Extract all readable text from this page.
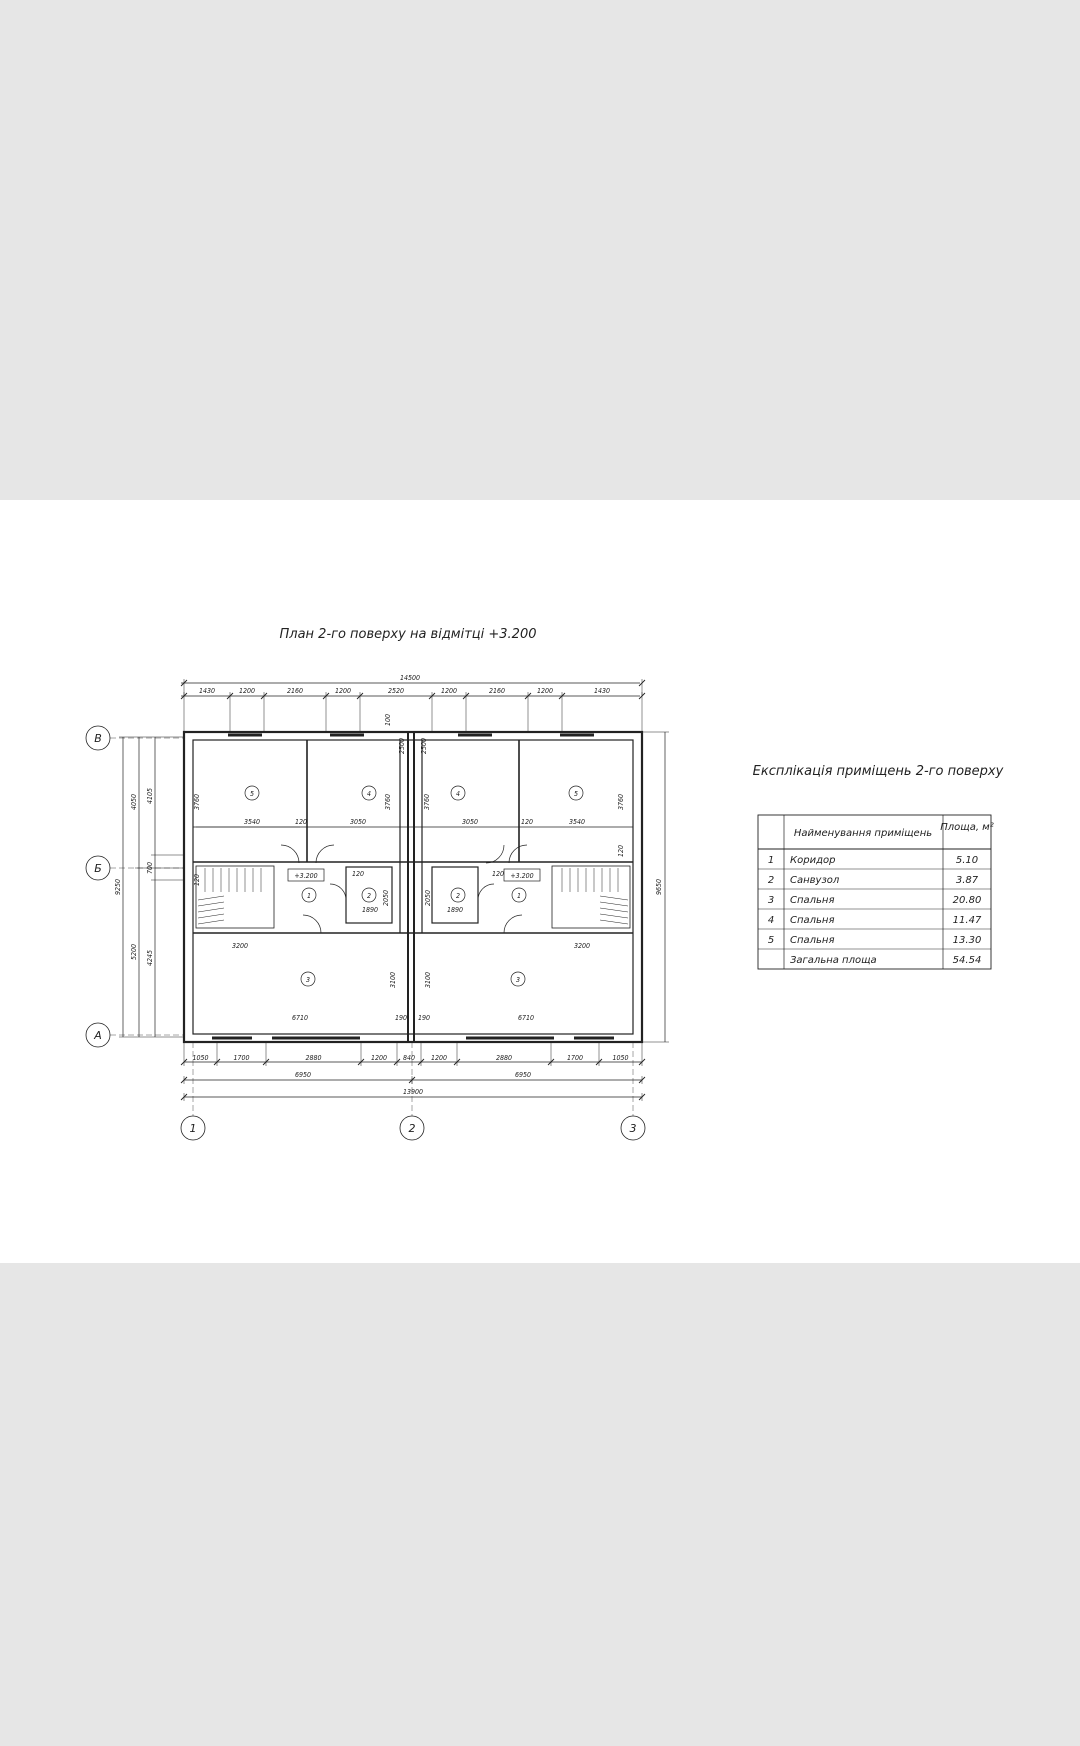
План 2-го поверху на відмітці +3.200
14500
1430	1200	2160	1200	2520	1200	2160	1200	1430
5	4	4	5
1	2	2	1
3	3
+3.200	+3.200
3540	3050	3050	3540
120	120
3200	3200
6710	6710
190 190
1890	1890
120	120
3760	3760	3760	3760
2500 2500
100
3100	3100
2050	2050
120
120
9250
4050
5200
4105
700
4245
9650
В
Б
А
1050	1700	2880	1200 840 1200	2880	1700	1050
6950	6950
13900
1	2	3
Експлікація приміщень 2-го поверху
Найменування приміщень
Площа, м²
1 Коридор	5.10
2 Санвузол	3.87
3 Спальня	20.80
4 Спальня	11.47
5 Спальня	13.30
Загальна площа	54.54
